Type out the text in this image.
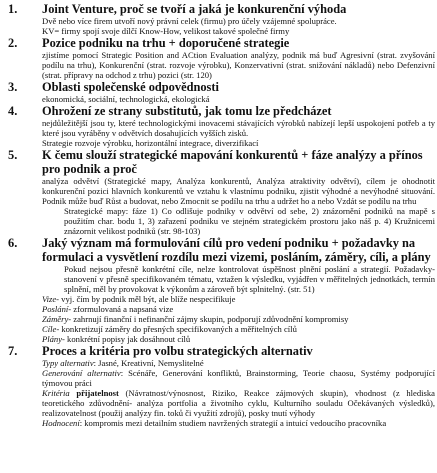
1. Joint Venture, proč se tvoří a jaká je konkurenční výhoda
Dvě nebo více firem utvoří nový právní celek (firmu) pro účely vzájemné spolupráce.
KV= firmy spojí svoje dílčí Know-How, velikost takové společné firmy
2. Pozice podniku na trhu + doporučené strategie
zjistíme pomocí Strategic Position and ACtion Evaluation analýzy, podnik má buď Agresivní (strat. zvyšování podílu na trhu), Konkurenční (strat. rozvoje výrobku), Konzervativní (strat. snižování nákladů) nebo Defenzivní (strat. přípravy na odchod z trhu) pozici (str. 120)
3. Oblasti společenské odpovědnosti
ekonomická, sociální, technologická, ekologická
4. Ohrožení ze strany substitutů, jak tomu lze předcházet
nejdůležitější jsou ty, které technologickými inovacemi stávajících výrobků nabízejí lepší uspokojení potřeb a ty které jsou vyráběny v odvětvích dosahujících vyšších zisků.
Strategie rozvoje výrobku, horizontální integrace, diverzifikací
5. K čemu slouží strategické mapování konkurentů + fáze analýzy a přínos pro podnik a proč
analýza odvětví (Strategické mapy, Analýza konkurentů, Analýza atraktivity odvětví), cílem je ohodnotit konkurenční pozici hlavních konkurentů ve vztahu k vlastnímu podniku, zjistit výhodné a nevýhodné situování. Podnik může buď Růst a budovat, nebo Zmocnit se podílu na trhu a udržet ho a nebo Vzdát se podílu na trhu
Strategické mapy: fáze 1) Co odlišuje podniky v odvětví od sebe, 2) znázornění podniků na mapě s použitím char. bodu 1, 3) zařazení podniku ve stejném strategickém prostoru jako náš p. 4) Kružnicemi znázornit velikost podniků (str. 98-103)
6. Jaký význam má formulování cílů pro vedení podniku + požadavky na formulaci a vysvětlení rozdílu mezi vizemi, posláním, záměry, cíli, a plány
Pokud nejsou přesně konkrétní cíle, nelze kontrolovat úspěšnost plnění poslání a strategií. Požadavky- stanovení v přesně specifikovaném tématu, vztažen k výsledku, vyjádřen v měřitelných jednotkách, termín splnění, měl by provokovat k výkonům a zároveň být splnitelný. (str. 51)
Vize- vyj. čím by podnik měl být, ale blíže nespecifikuje
Poslání- zformulovaná a napsaná vize
Záměry- zahrnují finanční i nefinanční zájmy skupin, podporují zdůvodnění kompromisy
Cíle- konkretizují záměry do přesných specifikovaných a měřitelných cílů
Plány- konkrétní popisy jak dosáhnout cílů
7. Proces a kritéria pro volbu strategických alternativ
Typy alternativ: Jasné, Kreativní, Nemyslitelné
Generování alternativ: Scénáře, Generování konfliktů, Brainstorming, Teorie chaosu, Systémy podporující týmovou práci
Kritéria přijatelnost (Návratnost/výnosnost, Riziko, Reakce zájmových skupin), vhodnost (z hlediska teoretického zdůvodnění- analýza portfolia a životního cyklu, Kulturního souladu Očekávaných výsledků), realizovatelnost (použij analýzy fin. toků či využití zdrojů), posky tnutí výhody
Hodnocení: kompromis mezi detailním studiem navržených strategií a intuicí vedoucího pracovníka
